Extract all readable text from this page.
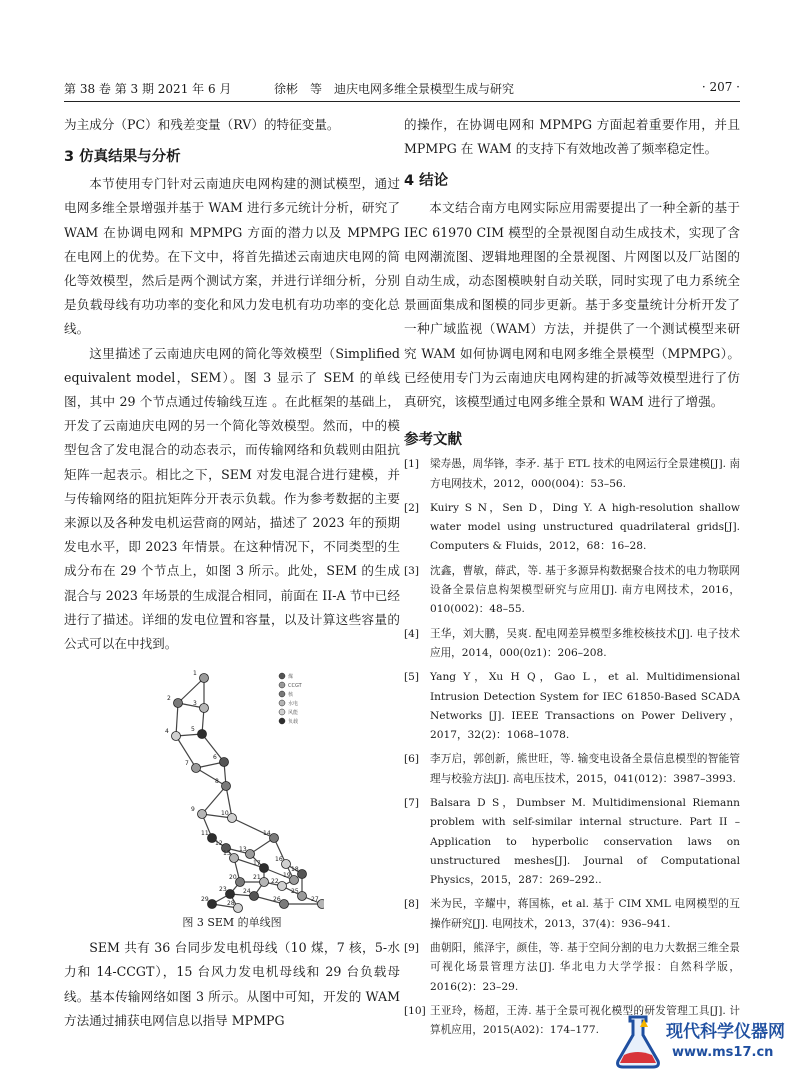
第 38 卷 第 3 期 2021 年 6 月	徐彬　等　迪庆电网多维全景模型生成与研究	· 207 ·

为主成分（PC）和残差变量（RV）的特征变量。

3 仿真结果与分析

本节使用专门针对云南迪庆电网构建的测试模型，通过电网多维全景增强并基于 WAM 进行多元统计分析，研究了 WAM 在协调电网和 MPMPG 方面的潜力以及 MPMPG 在电网上的优势。在下文中，将首先描述云南迪庆电网的简化等效模型，然后是两个测试方案，并进行详细分析，分别是负载母线有功功率的变化和风力发电机有功功率的变化总线。

这里描述了云南迪庆电网的简化等效模型（Simplified equivalent model，SEM）。图 3 显示了 SEM 的单线图，其中 29 个节点通过传输线互连 。在此框架的基础上，开发了云南迪庆电网的另一个简化等效模型。然而，中的模型包含了发电混合的动态表示，而传输网络和负载则由阻抗矩阵一起表示。相比之下，SEM 对发电混合进行建模，并与传输网络的阻抗矩阵分开表示负载。作为参考数据的主要来源以及各种发电机运营商的网站，描述了 2023 年的预期发电水平，即 2023 年情景。在这种情况下，不同类型的生成分布在 29 个节点上，如图 3 所示。此处，SEM 的生成混合与 2023 年场景的生成混合相同，前面在 II-A 节中已经进行了描述。详细的发电位置和容量，以及计算这些容量的公式可以在中找到。

1
2
3
4	5
6
7
8
9
10
11
12
13
14
15
16
17
18
19
20	21
22
23	24	25
26	27
28
29
煤
CCGT
核
水电
风能
负载
图 3 SEM 的单线图

SEM 共有 36 台同步发电机母线（10 煤，7 核，5-水力和 14-CCGT），15 台风力发电机母线和 29 台负载母线。基本传输网络如图 3 所示。从图中可知，开发的 WAM 方法通过捕获电网信息以指导 MPMPG

的操作，在协调电网和 MPMPG 方面起着重要作用，并且 MPMPG 在 WAM 的支持下有效地改善了频率稳定性。

4 结论

本文结合南方电网实际应用需要提出了一种全新的基于 IEC 61970 CIM 模型的全景视图自动生成技术，实现了含电网潮流图、逻辑地理图的全景视图、片网图以及厂站图的自动生成，动态图模映射自动关联，同时实现了电力系统全景画面集成和图模的同步更新。基于多变量统计分析开发了一种广域监视（WAM）方法，并提供了一个测试模型来研究 WAM 如何协调电网和电网多维全景模型（MPMPG）。已经使用专门为云南迪庆电网构建的折减等效模型进行了仿真研究，该模型通过电网多维全景和 WAM 进行了增强。

参考文献
[1] 梁寿愚，周华锋，李矛. 基于 ETL 技术的电网运行全景建模[J]. 南方电网技术，2012，000(004)：53–56.
[2] Kuiry S N，Sen D，Ding Y. A high-resolution shallow water model using unstructured quadrilateral grids[J]. Computers & Fluids，2012，68：16–28.
[3] 沈鑫，曹敏，薛武，等. 基于多源异构数据聚合技术的电力物联网设备全景信息构架模型研究与应用[J]. 南方电网技术，2016，010(002)：48–55.
[4] 王华，刘大鹏，吴爽. 配电网差异模型多维校核技术[J]. 电子技术应用，2014，000(0z1)：206–208.
[5] Yang Y，Xu H Q，Gao L，et al. Multidimensional Intrusion Detection System for IEC 61850-Based SCADA Networks [J]. IEEE Transactions on Power Delivery，2017，32(2)：1068–1078.
[6] 李万启，郭创新，熊世旺，等. 输变电设备全景信息模型的智能管理与校验方法[J]. 高电压技术，2015，041(012)：3987–3993.
[7] Balsara D S，Dumbser M. Multidimensional Riemann problem with self-similar internal structure. Part II – Application to hyperbolic conservation laws on unstructured meshes[J]. Journal of Computational Physics，2015，287：269–292..
[8] 米为民，辛耀中，蒋国栋，et al. 基于 CIM XML 电网模型的互操作研究[J]. 电网技术，2013，37(4)：936–941.
[9] 曲朝阳，熊泽宇，颜佳，等. 基于空间分割的电力大数据三维全景可视化场景管理方法[J]. 华北电力大学学报：自然科学版，2016(2)：23–29.
[10] 王亚玲，杨超，王涛. 基于全景可视化模型的研发管理工具[J]. 计算机应用，2015(A02)：174–177.	现代科学仪器网
www.ms17.cn
